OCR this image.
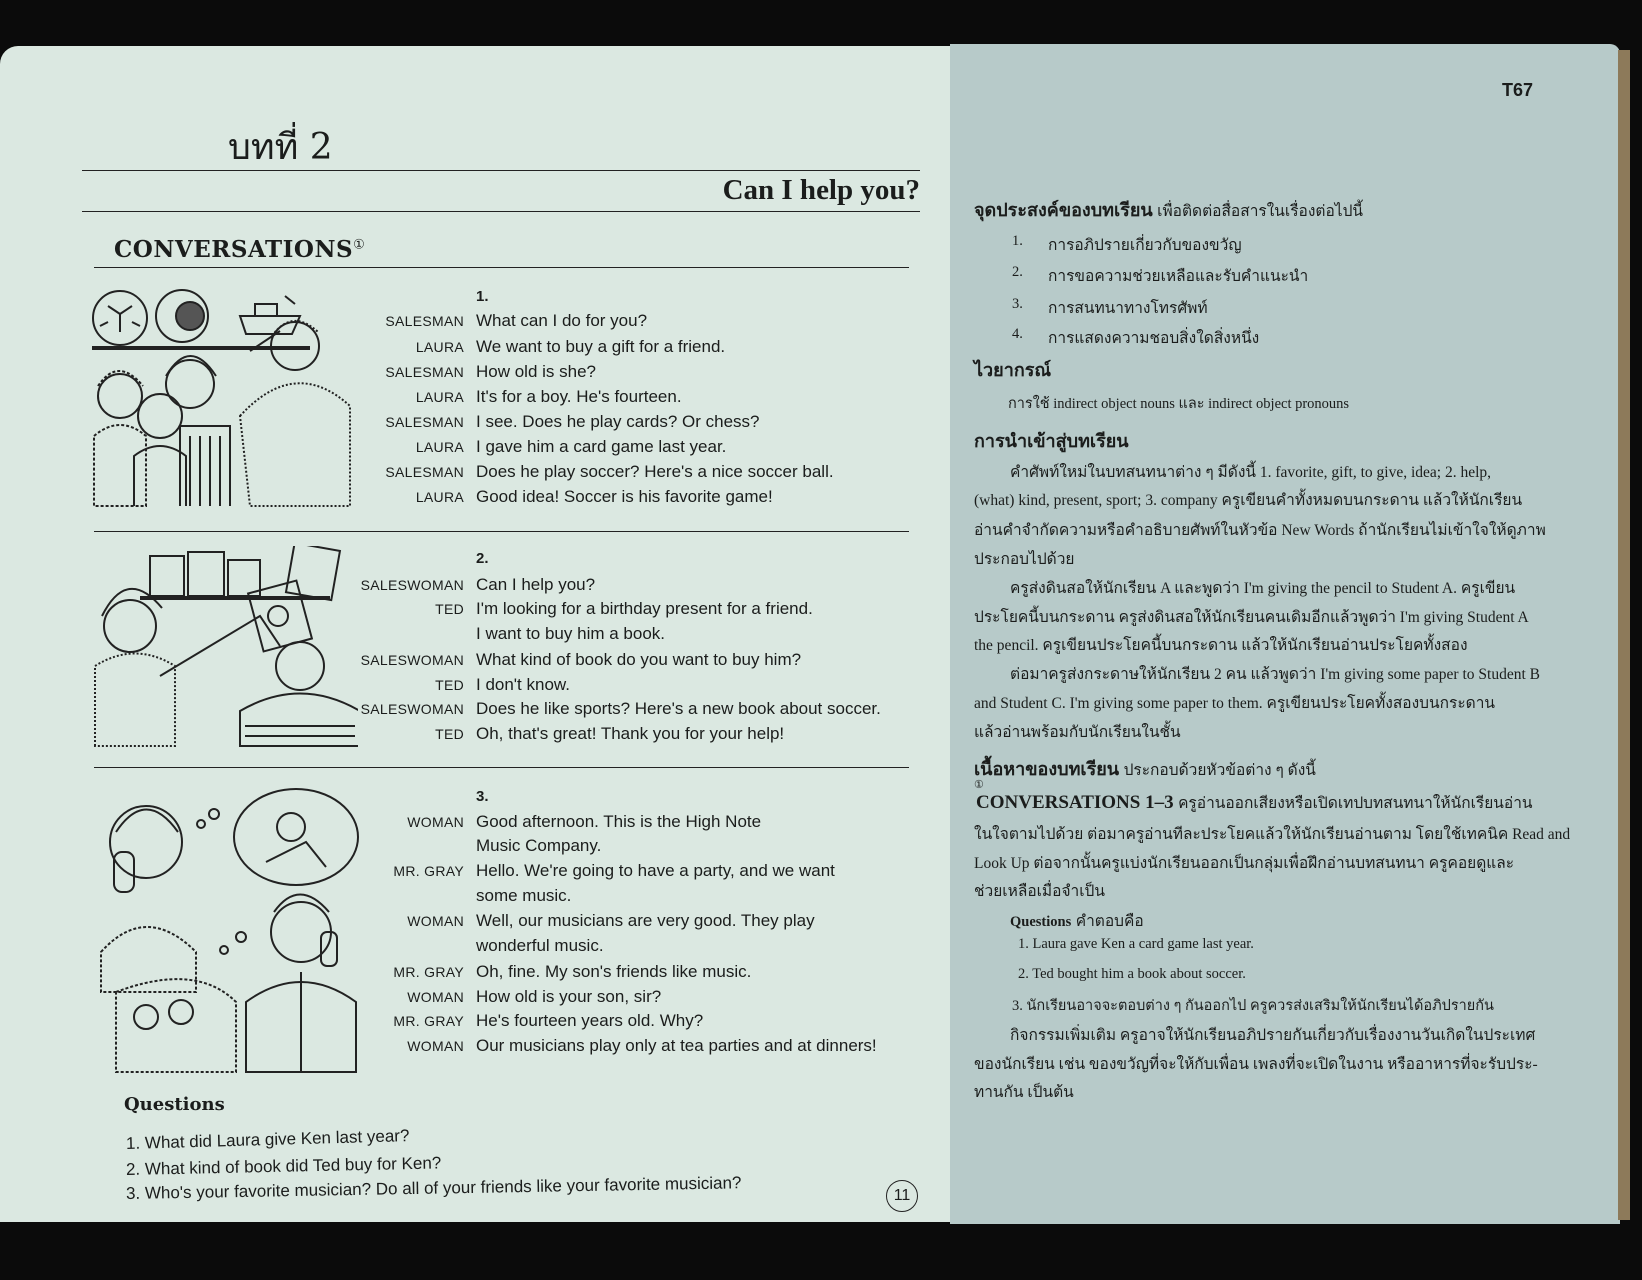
บทที่ 2
Can I help you?
CONVERSATIONS①
1.
SALESMAN What can I do for you?
LAURA We want to buy a gift for a friend.
SALESMAN How old is she?
LAURA It's for a boy. He's fourteen.
SALESMAN I see. Does he play cards? Or chess?
LAURA I gave him a card game last year.
SALESMAN Does he play soccer? Here's a nice soccer ball.
LAURA Good idea! Soccer is his favorite game!
2.
SALESWOMAN Can I help you?
TED I'm looking for a birthday present for a friend.
I want to buy him a book.
SALESWOMAN What kind of book do you want to buy him?
TED I don't know.
SALESWOMAN Does he like sports? Here's a new book about soccer.
TED Oh, that's great! Thank you for your help!
3.
WOMAN Good afternoon. This is the High Note
Music Company.
MR. GRAY Hello. We're going to have a party, and we want
some music.
WOMAN Well, our musicians are very good. They play
wonderful music.
MR. GRAY Oh, fine. My son's friends like music.
WOMAN How old is your son, sir?
MR. GRAY He's fourteen years old. Why?
WOMAN Our musicians play only at tea parties and at dinners!
Questions
1. What did Laura give Ken last year?
2. What kind of book did Ted buy for Ken?
3. Who's your favorite musician? Do all of your friends like your favorite musician?	11
T67
จุดประสงค์ของบทเรียน เพื่อติดต่อสื่อสารในเรื่องต่อไปนี้
1. การอภิปรายเกี่ยวกับของขวัญ
2. การขอความช่วยเหลือและรับคำแนะนำ
3. การสนทนาทางโทรศัพท์
4. การแสดงความชอบสิ่งใดสิ่งหนึ่ง
ไวยากรณ์
การใช้ indirect object nouns และ indirect object pronouns
การนำเข้าสู่บทเรียน
คำศัพท์ใหม่ในบทสนทนาต่าง ๆ มีดังนี้ 1. favorite, gift, to give, idea; 2. help,
(what) kind, present, sport; 3. company ครูเขียนคำทั้งหมดบนกระดาน แล้วให้นักเรียน
อ่านคำจำกัดความหรือคำอธิบายศัพท์ในหัวข้อ New Words ถ้านักเรียนไม่เข้าใจให้ดูภาพ
ประกอบไปด้วย
ครูส่งดินสอให้นักเรียน A และพูดว่า I'm giving the pencil to Student A. ครูเขียน
ประโยคนี้บนกระดาน ครูส่งดินสอให้นักเรียนคนเดิมอีกแล้วพูดว่า I'm giving Student A
the pencil. ครูเขียนประโยคนี้บนกระดาน แล้วให้นักเรียนอ่านประโยคทั้งสอง
ต่อมาครูส่งกระดาษให้นักเรียน 2 คน แล้วพูดว่า I'm giving some paper to Student B
and Student C. I'm giving some paper to them. ครูเขียนประโยคทั้งสองบนกระดาน
แล้วอ่านพร้อมกับนักเรียนในชั้น
เนื้อหาของบทเรียน ประกอบด้วยหัวข้อต่าง ๆ ดังนี้
①
CONVERSATIONS 1–3 ครูอ่านออกเสียงหรือเปิดเทปบทสนทนาให้นักเรียนอ่าน
ในใจตามไปด้วย ต่อมาครูอ่านทีละประโยคแล้วให้นักเรียนอ่านตาม โดยใช้เทคนิค Read and
Look Up ต่อจากนั้นครูแบ่งนักเรียนออกเป็นกลุ่มเพื่อฝึกอ่านบทสนทนา ครูคอยดูและ
ช่วยเหลือเมื่อจำเป็น
Questions คำตอบคือ
1. Laura gave Ken a card game last year.
2. Ted bought him a book about soccer.
3. นักเรียนอาจจะตอบต่าง ๆ กันออกไป ครูควรส่งเสริมให้นักเรียนได้อภิปรายกัน
กิจกรรมเพิ่มเติม ครูอาจให้นักเรียนอภิปรายกันเกี่ยวกับเรื่องงานวันเกิดในประเทศ
ของนักเรียน เช่น ของขวัญที่จะให้กับเพื่อน เพลงที่จะเปิดในงาน หรืออาหารที่จะรับประ-
ทานกัน เป็นต้น
